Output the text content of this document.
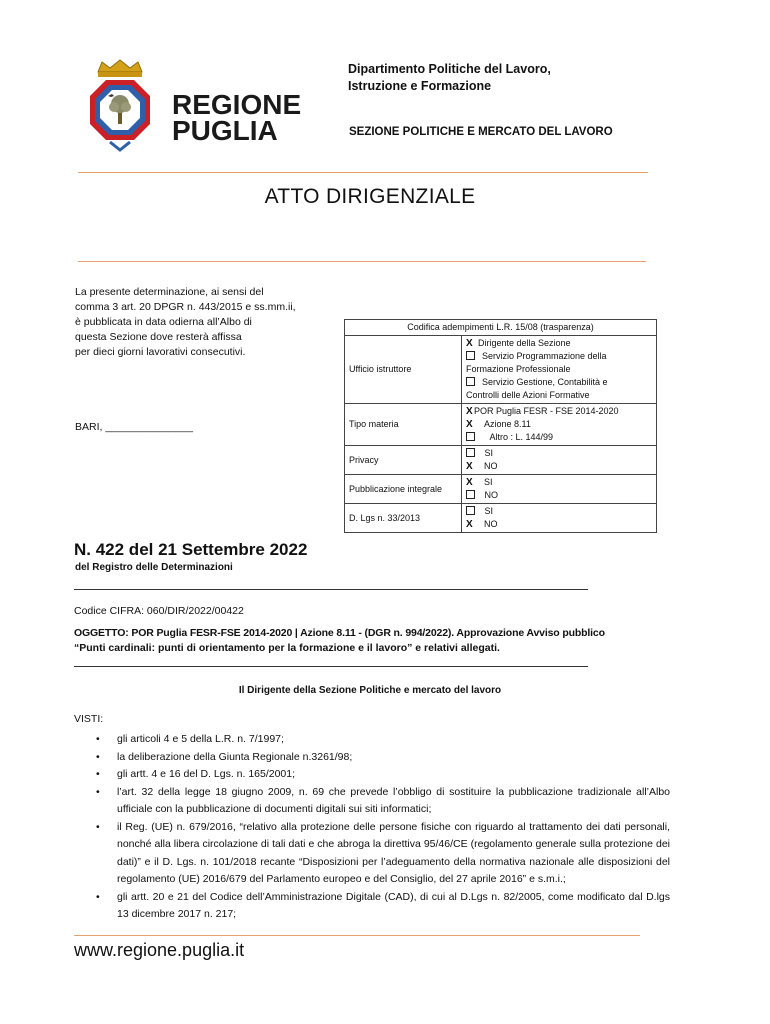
REGIONE
PUGLIA
Dipartimento Politiche del Lavoro,
Istruzione e Formazione
SEZIONE POLITICHE E MERCATO DEL LAVORO
ATTO DIRIGENZIALE
La presente determinazione, ai sensi del
comma 3 art. 20 DPGR n. 443/2015 e ss.mm.ii,
è pubblicata in data odierna all’Albo di
questa Sezione dove resterà affissa
per dieci giorni lavorativi consecutivi.
BARI, _______________
Codifica adempimenti L.R. 15/08 (trasparenza)	
Ufficio istruttore	X Dirigente della Sezione
Servizio Programmazione della
Formazione Professionale
Servizio Gestione, Contabilità e
Controlli delle Azioni Formative

Tipo materia	XPOR Puglia FESR - FSE 2014-2020
X Azione 8.11
Altro : L. 144/99

Privacy	SI
X NO

Pubblicazione integrale	X SI
NO

D. Lgs n. 33/2013	SI
X NO
N. 422 del 21 Settembre 2022
del Registro delle Determinazioni
Codice CIFRA: 060/DIR/2022/00422
OGGETTO: POR Puglia FESR-FSE 2014-2020 | Azione 8.11 - (DGR n. 994/2022). Approvazione Avviso pubblico
“Punti cardinali: punti di orientamento per la formazione e il lavoro” e relativi allegati.
Il Dirigente della Sezione Politiche e mercato del lavoro
VISTI:
• gli articoli 4 e 5 della L.R. n. 7/1997;
• la deliberazione della Giunta Regionale n.3261/98;
• gli artt. 4 e 16 del D. Lgs. n. 165/2001;
• l’art. 32 della legge 18 giugno 2009, n. 69 che prevede l’obbligo di sostituire la pubblicazione tradizionale all’Albo ufficiale con la pubblicazione di documenti digitali sui siti informatici;
• il Reg. (UE) n. 679/2016, “relativo alla protezione delle persone fisiche con riguardo al trattamento dei dati personali, nonché alla libera circolazione di tali dati e che abroga la direttiva 95/46/CE (regolamento generale sulla protezione dei dati)” e il D. Lgs. n. 101/2018 recante “Disposizioni per l’adeguamento della normativa nazionale alle disposizioni del regolamento (UE) 2016/679 del Parlamento europeo e del Consiglio, del 27 aprile 2016” e s.m.i.;
• gli artt. 20 e 21 del Codice dell’Amministrazione Digitale (CAD), di cui al D.Lgs n. 82/2005, come modificato dal D.lgs 13 dicembre 2017 n. 217;
www.regione.puglia.it
